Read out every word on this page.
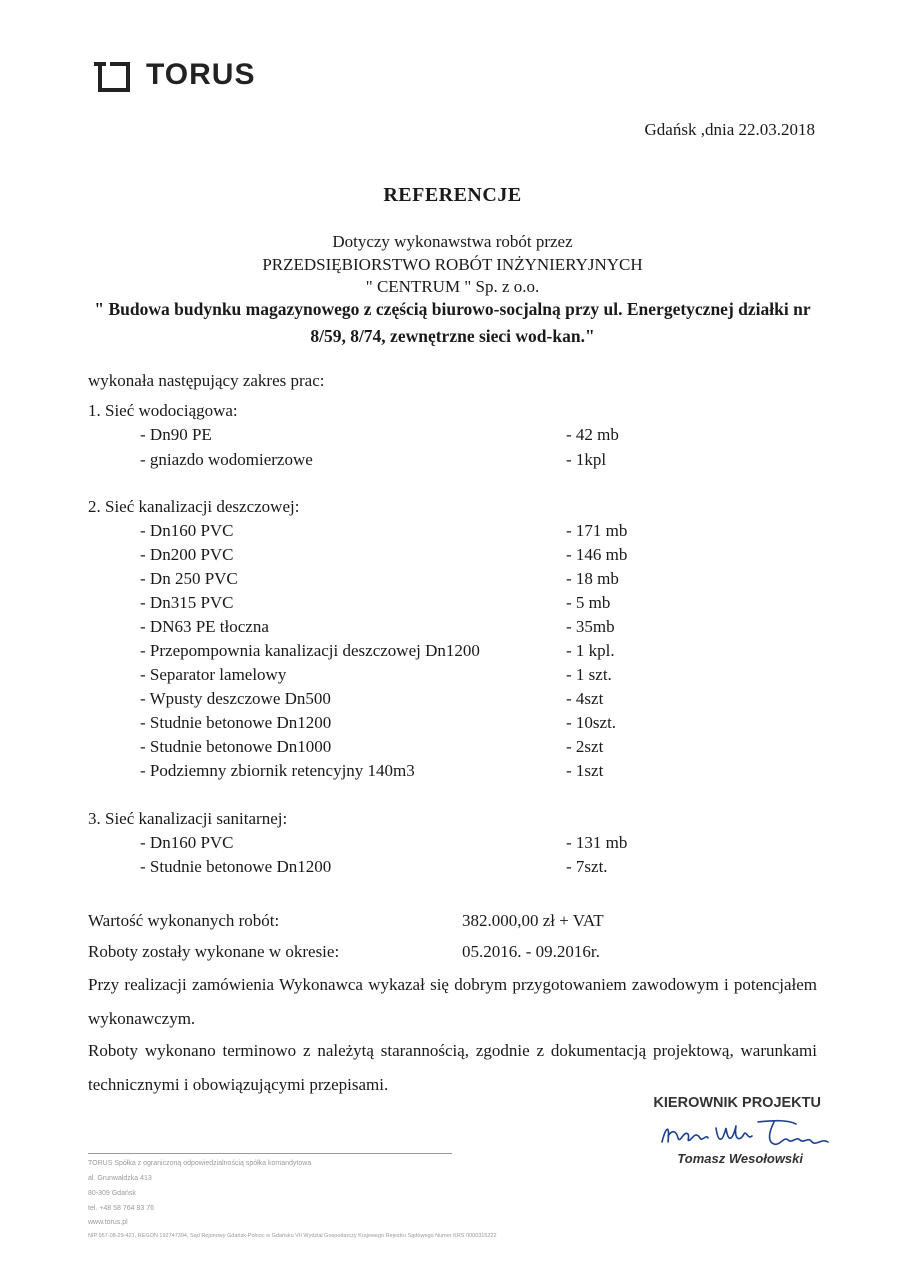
TORUS
Gdańsk ,dnia 22.03.2018
REFERENCJE
Dotyczy wykonawstwa robót przez
PRZEDSIĘBIORSTWO ROBÓT INŻYNIERYJNYCH
" CENTRUM " Sp. z o.o.
" Budowa budynku magazynowego z częścią biurowo-socjalną przy ul. Energetycznej działki nr 8/59, 8/74, zewnętrzne sieci wod-kan."
wykonała następujący zakres prac:
1. Sieć wodociągowa:
- Dn90 PE	- 42 mb
- gniazdo wodomierzowe	- 1kpl
2. Sieć kanalizacji deszczowej:
- Dn160 PVC	- 171 mb
- Dn200 PVC	- 146 mb
- Dn 250 PVC	- 18 mb
- Dn315 PVC	- 5 mb
- DN63 PE tłoczna	- 35mb
- Przepompownia kanalizacji deszczowej Dn1200	- 1 kpl.
- Separator lamelowy	- 1 szt.
- Wpusty deszczowe Dn500	- 4szt
- Studnie betonowe Dn1200	- 10szt.
- Studnie betonowe Dn1000	- 2szt
- Podziemny zbiornik retencyjny 140m3	- 1szt
3. Sieć kanalizacji sanitarnej:
- Dn160 PVC	- 131 mb
- Studnie betonowe Dn1200	- 7szt.
Wartość wykonanych robót:	382.000,00 zł + VAT
Roboty zostały wykonane w okresie:	05.2016. - 09.2016r.
Przy realizacji zamówienia Wykonawca wykazał się dobrym przygotowaniem zawodowym i potencjałem wykonawczym.
Roboty wykonano terminowo z należytą starannością, zgodnie z dokumentacją projektową, warunkami technicznymi i obowiązującymi przepisami.
KIEROWNIK PROJEKTU
Tomasz Wesołowski
TORUS Spółka z ograniczoną odpowiedzialnością spółka komandytowa
al. Grunwaldzka 413
80-309 Gdańsk
tel. +48 58 764 83 76
www.torus.pl
NIP 957-08-29-421, REGON 192747394, Sąd Rejonowy Gdańsk-Północ w Gdańsku VII Wydział Gospodarczy Krajowego Rejestru Sądowego Numer KRS 0000315222
